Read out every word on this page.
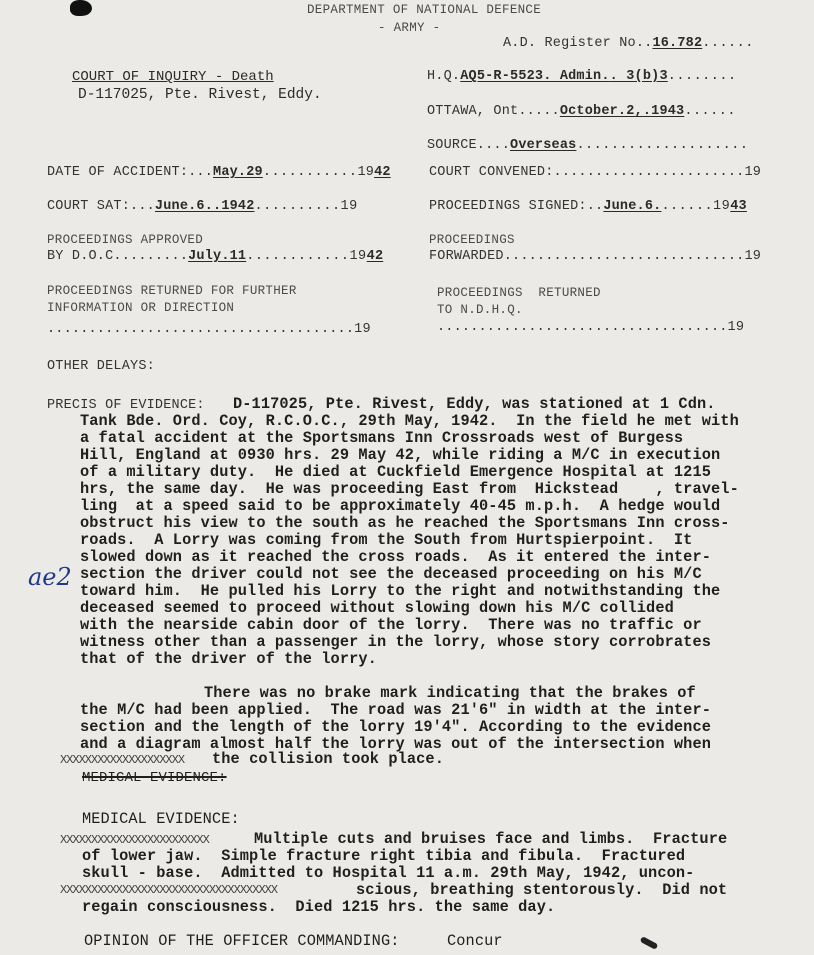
DEPARTMENT OF NATIONAL DEFENCE
- ARMY -
A.D. Register No..16.782......
COURT OF INQUIRY - Death
D-117025, Pte. Rivest, Eddy.
H.Q.AQ5-R-5523. Admin.. 3(b)3........
OTTAWA, Ont.....October.2,.1943......
SOURCE....Overseas....................
DATE OF ACCIDENT:...May.29...........1942
COURT SAT:...June.6..1942..........19
PROCEEDINGS APPROVED
BY D.O.C.........July.11............1942
PROCEEDINGS RETURNED FOR FURTHER
INFORMATION OR DIRECTION
.....................................19
COURT CONVENED:.......................19
PROCEEDINGS SIGNED:..June.6.......1943
PROCEEDINGS
FORWARDED.............................19
PROCEEDINGS  RETURNED
TO N.D.H.Q.
...................................19
OTHER DELAYS:
PRECIS OF EVIDENCE: D-117025, Pte. Rivest, Eddy, was stationed at 1 Cdn.
Tank Bde. Ord. Coy, R.C.O.C., 29th May, 1942.  In the field he met with
a fatal accident at the Sportsmans Inn Crossroads west of Burgess
Hill, England at 0930 hrs. 29 May 42, while riding a M/C in execution
of a military duty.  He died at Cuckfield Emergence Hospital at 1215
hrs, the same day.  He was proceeding East from  Hickstead    , travel-
ling  at a speed said to be approximately 40-45 m.p.h.  A hedge would
obstruct his view to the south as he reached the Sportsmans Inn cross-
roads.  A Lorry was coming from the South from Hurtspierpoint.  It
slowed down as it reached the cross roads.  As it entered the inter-
section the driver could not see the deceased proceeding on his M/C
toward him.  He pulled his Lorry to the right and notwithstanding the
deceased seemed to proceed without slowing down his M/C collided
with the nearside cabin door of the lorry.  There was no traffic or
witness other than a passenger in the lorry, whose story corrobrates
that of the driver of the lorry.
ae2
There was no brake mark indicating that the brakes of
the M/C had been applied.  The road was 21'6" in width at the inter-
section and the length of the lorry 19'4". According to the evidence
and a diagram almost half the lorry was out of the intersection when
XXXXXXXXXXXXXXXXXXXX the collision took place.
MEDICAL EVIDENCE:
MEDICAL EVIDENCE:
XXXXXXXXXXXXXXXXXXXXXXXX	Multiple cuts and bruises face and limbs.  Fracture
of lower jaw.  Simple fracture right tibia and fibula.  Fractured
skull - base.  Admitted to Hospital 11 a.m. 29th May, 1942, uncon-
XXXXXXXXXXXXXXXXXXXXXXXXXXXXXXXXXXX	scious, breathing stentorously.  Did not
regain consciousness.  Died 1215 hrs. the same day.
OPINION OF THE OFFICER COMMANDING:	Concur
